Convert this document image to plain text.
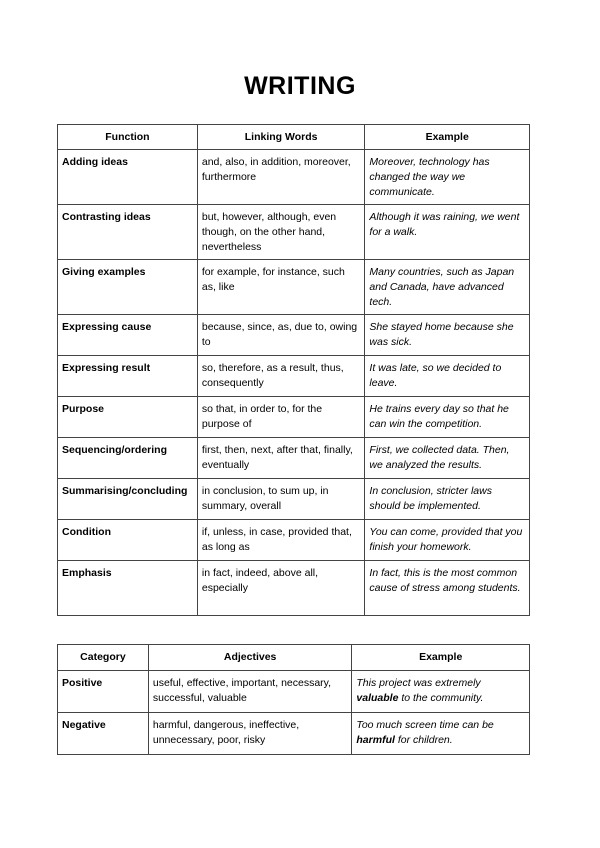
WRITING
Function	Linking Words	Example
Adding ideas	and, also, in addition, moreover, furthermore	Moreover, technology has changed the way we communicate.
Contrasting ideas	but, however, although, even though, on the other hand, nevertheless	Although it was raining, we went for a walk.
Giving examples	for example, for instance, such as, like	Many countries, such as Japan and Canada, have advanced tech.
Expressing cause	because, since, as, due to, owing to	She stayed home because she was sick.
Expressing result	so, therefore, as a result, thus, consequently	It was late, so we decided to leave.
Purpose	so that, in order to, for the purpose of	He trains every day so that he can win the competition.
Sequencing/ordering	first, then, next, after that, finally, eventually	First, we collected data. Then, we analyzed the results.
Summarising/concluding	in conclusion, to sum up, in summary, overall	In conclusion, stricter laws should be implemented.
Condition	if, unless, in case, provided that, as long as	You can come, provided that you finish your homework.
Emphasis	in fact, indeed, above all, especially	In fact, this is the most common cause of stress among students.
Category	Adjectives	Example
Positive	useful, effective, important, necessary, successful, valuable	This project was extremely valuable to the community.
Negative	harmful, dangerous, ineffective, unnecessary, poor, risky	Too much screen time can be harmful for children.
